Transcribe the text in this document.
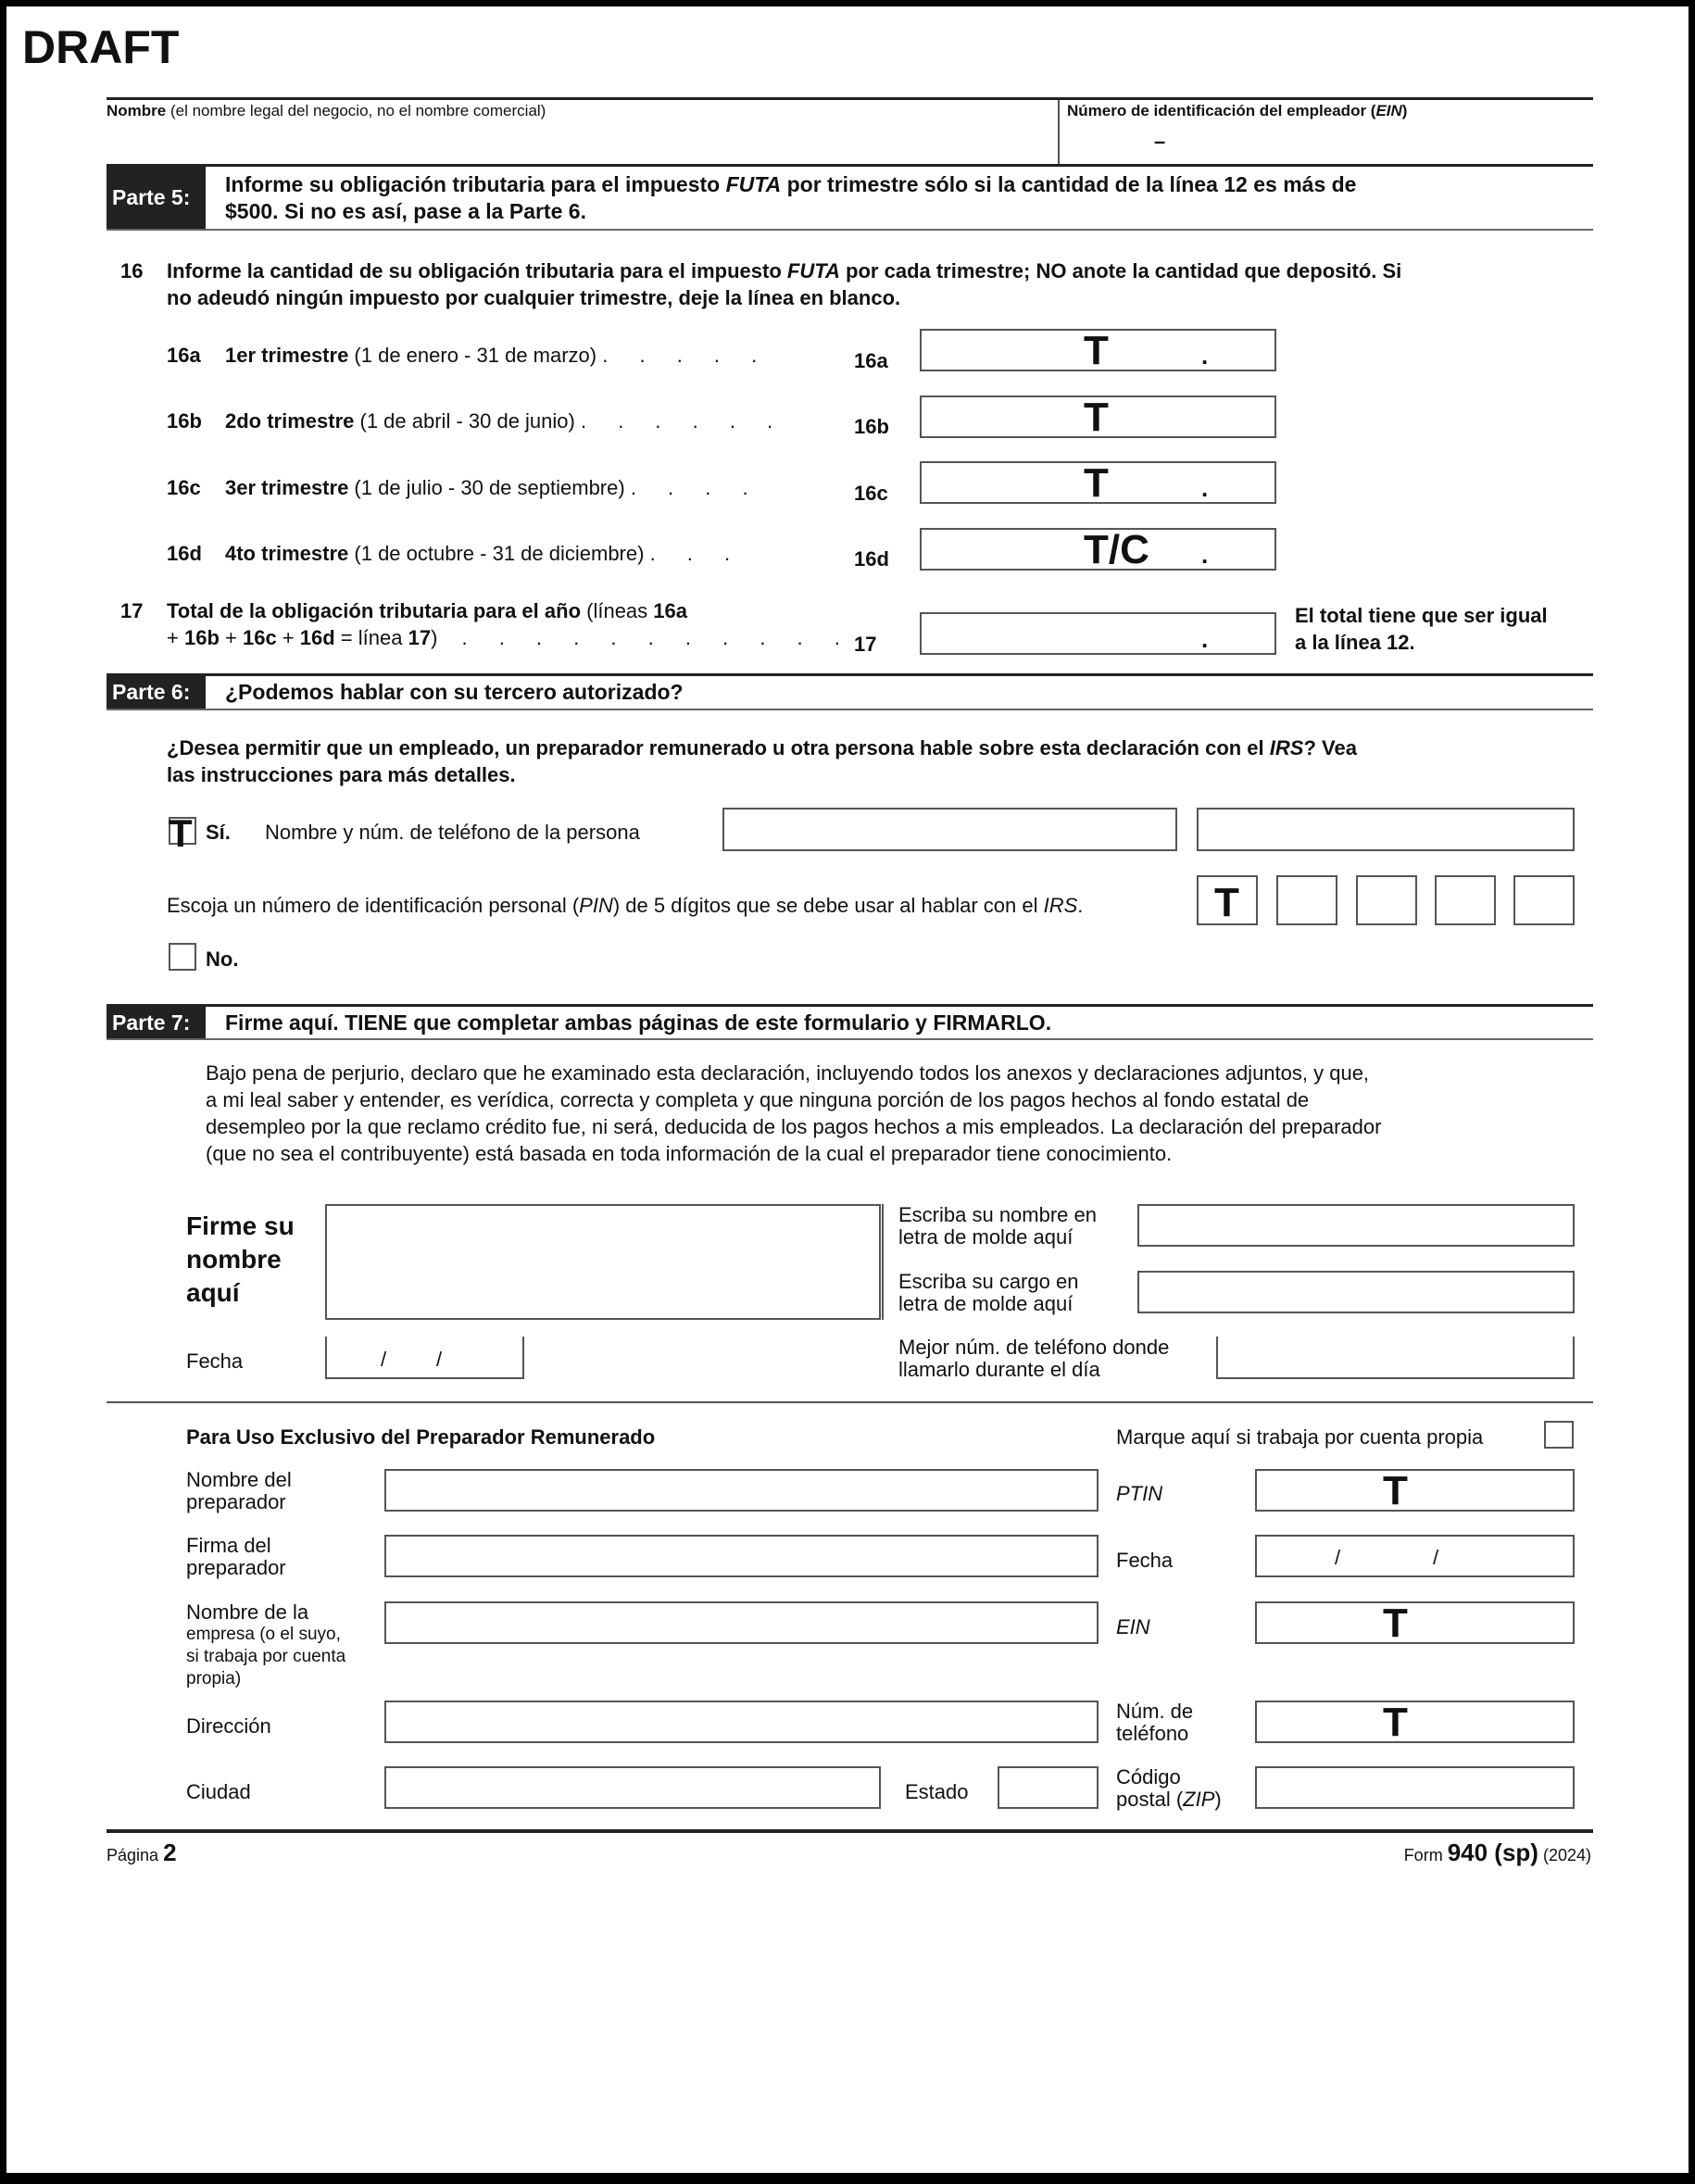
DRAFT
Nombre (el nombre legal del negocio, no el nombre comercial)	Número de identificación del empleador (EIN)
–
Parte 5:
Informe su obligación tributaria para el impuesto FUTA por trimestre sólo si la cantidad de la línea 12 es más de
$500. Si no es así, pase a la Parte 6.
16 Informe la cantidad de su obligación tributaria para el impuesto FUTA por cada trimestre; NO anote la cantidad que depositó. Si
no adeudó ningún impuesto por cualquier trimestre, deje la línea en blanco.
16a 1er trimestre (1 de enero - 31 de marzo) . . . . .	16a	T	.
16b 2do trimestre (1 de abril - 30 de junio) . . . . . .	16b	T
16c 3er trimestre (1 de julio - 30 de septiembre) . . . .	16c	T	.
16d 4to trimestre (1 de octubre - 31 de diciembre) . . .	16d	T/C .
17 Total de la obligación tributaria para el año (líneas 16a
+ 16b + 16c + 16d = línea 17) . . . . . . . . . . . 17	.
El total tiene que ser igual
a la línea 12.
Parte 6:	¿Podemos hablar con su tercero autorizado?
¿Desea permitir que un empleado, un preparador remunerado u otra persona hable sobre esta declaración con el IRS? Vea
las instrucciones para más detalles.
T Sí. Nombre y núm. de teléfono de la persona
Escoja un número de identificación personal (PIN) de 5 dígitos que se debe usar al hablar con el IRS.	T
No.
Parte 7:	Firme aquí. TIENE que completar ambas páginas de este formulario y FIRMARLO.
Bajo pena de perjurio, declaro que he examinado esta declaración, incluyendo todos los anexos y declaraciones adjuntos, y que,
a mi leal saber y entender, es verídica, correcta y completa y que ninguna porción de los pagos hechos al fondo estatal de
desempleo por la que reclamo crédito fue, ni será, deducida de los pagos hechos a mis empleados. La declaración del preparador
(que no sea el contribuyente) está basada en toda información de la cual el preparador tiene conocimiento.
Firme su
nombre
aquí
Fecha	/ /
Escriba su nombre en
letra de molde aquí
Escriba su cargo en
letra de molde aquí
Mejor núm. de teléfono donde
llamarlo durante el día
Para Uso Exclusivo del Preparador Remunerado	Marque aquí si trabaja por cuenta propia
Nombre del
preparador	PTIN	T
Firma del
preparador	Fecha	/	/
Nombre de la
empresa (o el suyo,
si trabaja por cuenta
propia)
EIN	T
Dirección
Núm. de
teléfono	T
Ciudad	Estado
Código
postal (ZIP)
Página 2	Form 940 (sp) (2024)
